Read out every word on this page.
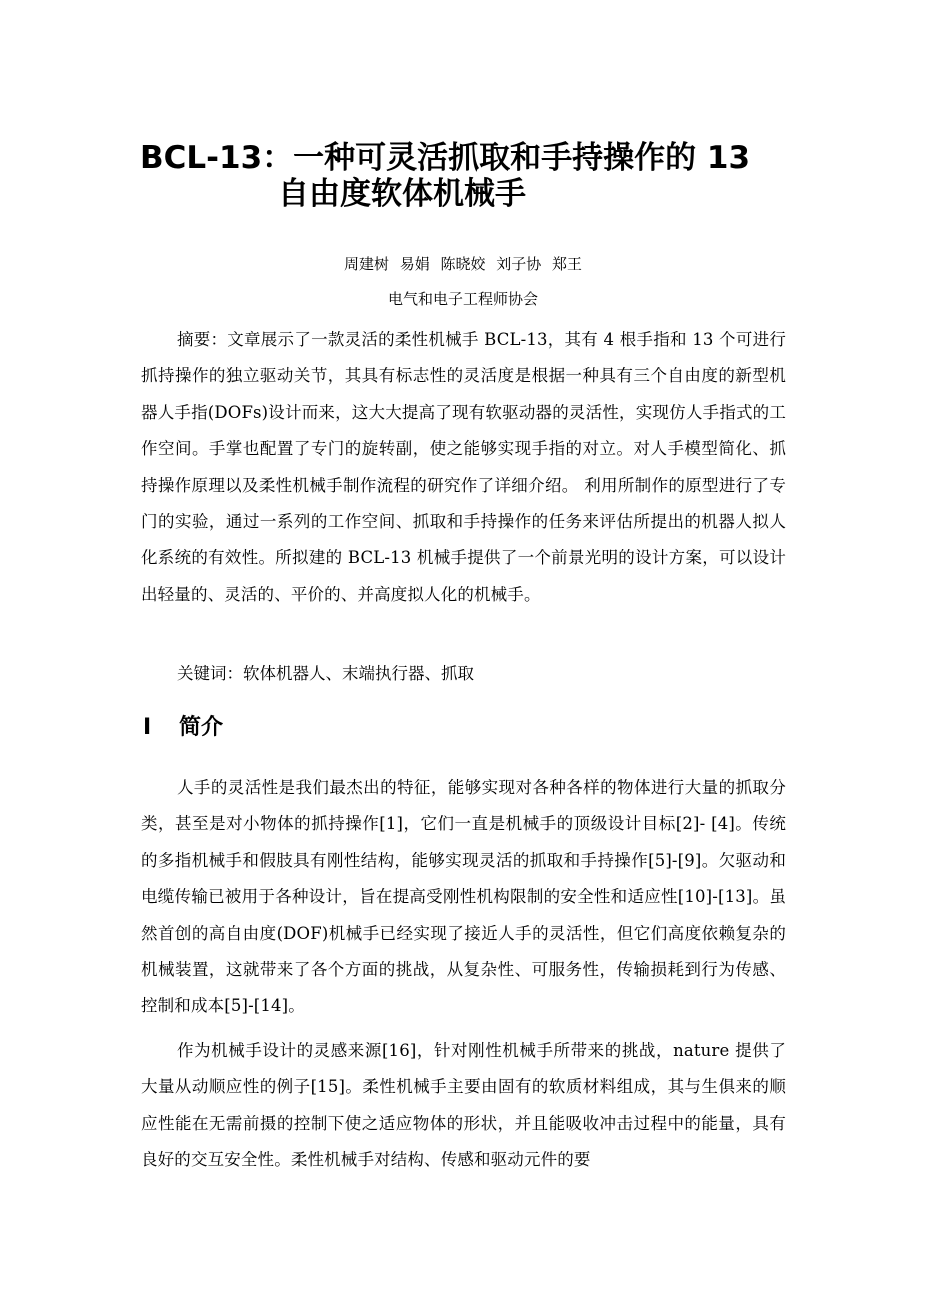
BCL-13：一种可灵活抓取和手持操作的 13
自由度软体机械手
周建树 易娟 陈晓姣 刘子协 郑王
电气和电子工程师协会

摘要：文章展示了一款灵活的柔性机械手 BCL-13，其有 4 根手指和 13 个可进行抓持操作的独立驱动关节，其具有标志性的灵活度是根据一种具有三个自由度的新型机器人手指(DOFs)设计而来，这大大提高了现有软驱动器的灵活性，实现仿人手指式的工作空间。手掌也配置了专门的旋转副，使之能够实现手指的对立。对人手模型简化、抓持操作原理以及柔性机械手制作流程的研究作了详细介绍。 利用所制作的原型进行了专门的实验，通过一系列的工作空间、抓取和手持操作的任务来评估所提出的机器人拟人化系统的有效性。所拟建的 BCL-13 机械手提供了一个前景光明的设计方案，可以设计出轻量的、灵活的、平价的、并高度拟人化的机械手。

关键词：软体机器人、末端执行器、抓取

I 简介

人手的灵活性是我们最杰出的特征，能够实现对各种各样的物体进行大量的抓取分类，甚至是对小物体的抓持操作[1]，它们一直是机械手的顶级设计目标[2]- [4]。传统的多指机械手和假肢具有刚性结构，能够实现灵活的抓取和手持操作[5]-[9]。欠驱动和电缆传输已被用于各种设计，旨在提高受刚性机构限制的安全性和适应性[10]-[13]。虽然首创的高自由度(DOF)机械手已经实现了接近人手的灵活性，但它们高度依赖复杂的机械装置，这就带来了各个方面的挑战，从复杂性、可服务性，传输损耗到行为传感、控制和成本[5]-[14]。

作为机械手设计的灵感来源[16]，针对刚性机械手所带来的挑战，nature 提供了大量从动顺应性的例子[15]。柔性机械手主要由固有的软质材料组成，其与生俱来的顺应性能在无需前摄的控制下使之适应物体的形状，并且能吸收冲击过程中的能量，具有良好的交互安全性。柔性机械手对结构、传感和驱动元件的要
